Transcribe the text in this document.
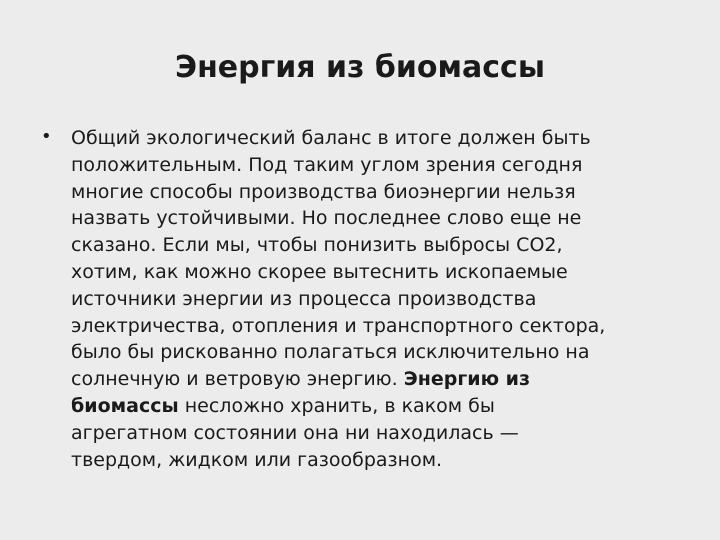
Энергия из биомассы
•	Общий экологический баланс в итоге должен быть
положительным. Под таким углом зрения сегодня
многие способы производства биоэнергии нельзя
назвать устойчивыми. Но последнее слово еще не
сказано. Если мы, чтобы понизить выбросы CO2,
хотим, как можно скорее вытеснить ископаемые
источники энергии из процесса производства
электричества, отопления и транспортного сектора,
было бы рискованно полагаться исключительно на
солнечную и ветровую энергию. Энергию из
биомассы несложно хранить, в каком бы
агрегатном состоянии она ни находилась —
твердом, жидком или газообразном.
